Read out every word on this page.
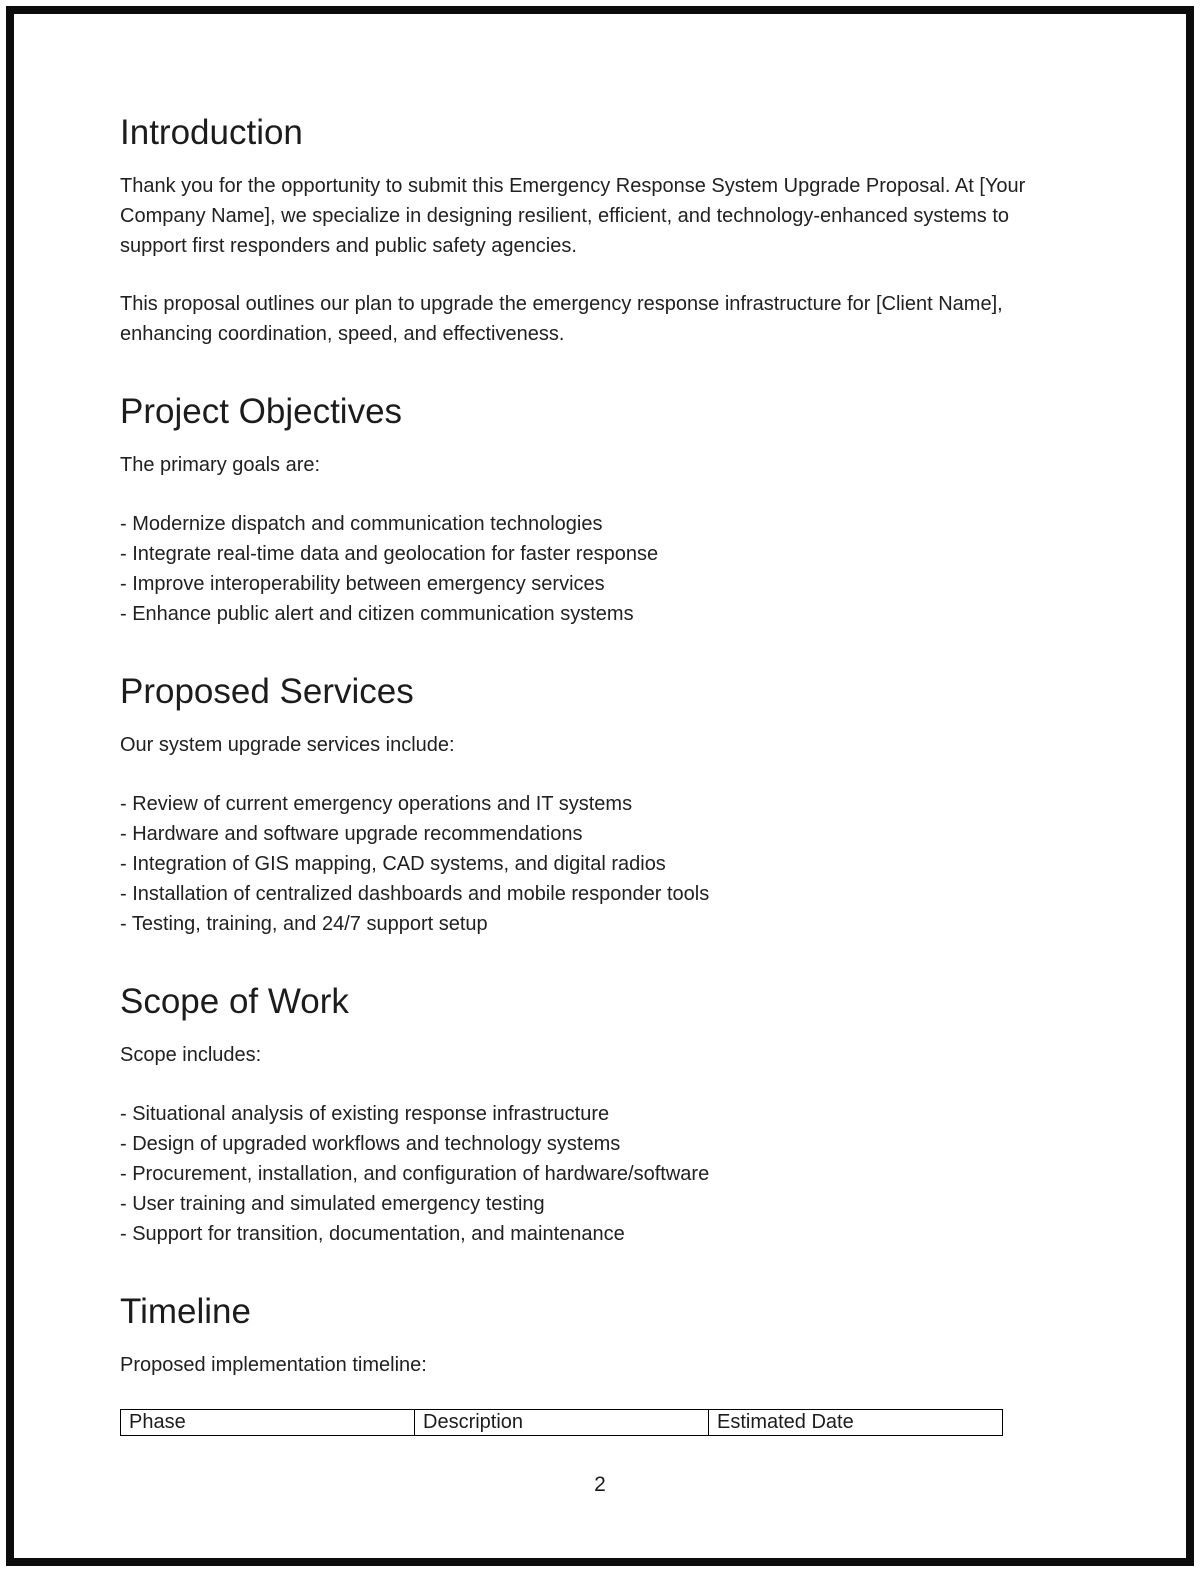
Introduction

Thank you for the opportunity to submit this Emergency Response System Upgrade Proposal. At [Your Company Name], we specialize in designing resilient, efficient, and technology-enhanced systems to support first responders and public safety agencies.

This proposal outlines our plan to upgrade the emergency response infrastructure for [Client Name], enhancing coordination, speed, and effectiveness.

Project Objectives

The primary goals are:

- Modernize dispatch and communication technologies
- Integrate real-time data and geolocation for faster response
- Improve interoperability between emergency services
- Enhance public alert and citizen communication systems
Proposed Services

Our system upgrade services include:

- Review of current emergency operations and IT systems
- Hardware and software upgrade recommendations
- Integration of GIS mapping, CAD systems, and digital radios
- Installation of centralized dashboards and mobile responder tools
- Testing, training, and 24/7 support setup
Scope of Work

Scope includes:

- Situational analysis of existing response infrastructure
- Design of upgraded workflows and technology systems
- Procurement, installation, and configuration of hardware/software
- User training and simulated emergency testing
- Support for transition, documentation, and maintenance
Timeline

Proposed implementation timeline:

Phase	Description	Estimated Date
2
